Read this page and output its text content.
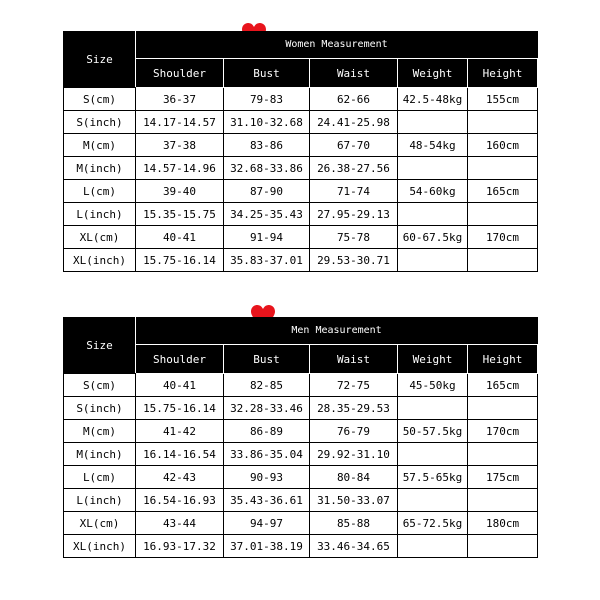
Size	Women Measurement				
	Shoulder	Bust	Waist	Weight	Height
S(cm)	36-37	79-83	62-66	42.5-48kg	155cm
S(inch)	14.17-14.57	31.10-32.68	24.41-25.98		
M(cm)	37-38	83-86	67-70	48-54kg	160cm
M(inch)	14.57-14.96	32.68-33.86	26.38-27.56		
L(cm)	39-40	87-90	71-74	54-60kg	165cm
L(inch)	15.35-15.75	34.25-35.43	27.95-29.13		
XL(cm)	40-41	91-94	75-78	60-67.5kg	170cm
XL(inch)	15.75-16.14	35.83-37.01	29.53-30.71		
Size	Men Measurement				
	Shoulder	Bust	Waist	Weight	Height
S(cm)	40-41	82-85	72-75	45-50kg	165cm
S(inch)	15.75-16.14	32.28-33.46	28.35-29.53		
M(cm)	41-42	86-89	76-79	50-57.5kg	170cm
M(inch)	16.14-16.54	33.86-35.04	29.92-31.10		
L(cm)	42-43	90-93	80-84	57.5-65kg	175cm
L(inch)	16.54-16.93	35.43-36.61	31.50-33.07		
XL(cm)	43-44	94-97	85-88	65-72.5kg	180cm
XL(inch)	16.93-17.32	37.01-38.19	33.46-34.65		
